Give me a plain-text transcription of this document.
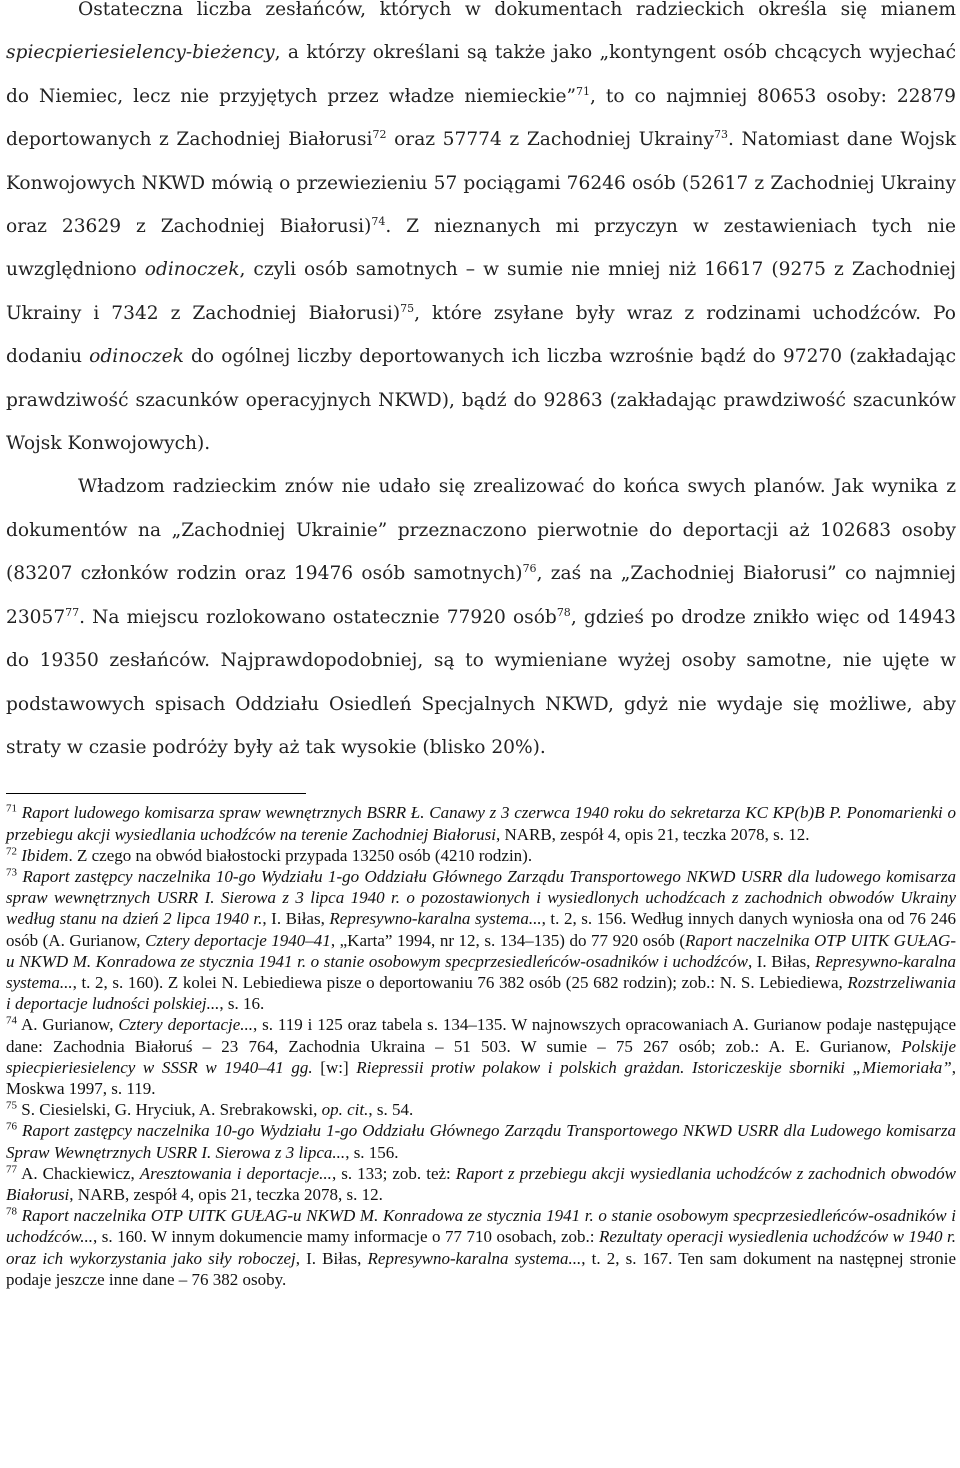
Ostateczna liczba zesłańców, których w dokumentach radzieckich określa się mianem spiecpieriesielency-bieżency, a którzy określani są także jako „kontyngent osób chcących wyjechać do Niemiec, lecz nie przyjętych przez władze niemieckie”$^{71}$, to co najmniej 80653 osoby: 22879 deportowanych z Zachodniej Białorusi$^{72}$ oraz 57774 z Zachodniej Ukrainy$^{73}$. Natomiast dane Wojsk Konwojowych NKWD mówią o przewiezieniu 57 pociągami 76246 osób (52617 z Zachodniej Ukrainy oraz 23629 z Zachodniej Białorusi)$^{74}$. Z nieznanych mi przyczyn w zestawieniach tych nie uwzględniono odinoczek, czyli osób samotnych – w sumie nie mniej niż 16617 (9275 z Zachodniej Ukrainy i 7342 z Zachodniej Białorusi)$^{75}$, które zsyłane były wraz z rodzinami uchodźców. Po dodaniu odinoczek do ogólnej liczby deportowanych ich liczba wzrośnie bądź do 97270 (zakładając prawdziwość szacunków operacyjnych NKWD), bądź do 92863 (zakładając prawdziwość szacunków Wojsk Konwojowych).

Władzom radzieckim znów nie udało się zrealizować do końca swych planów. Jak wynika z dokumentów na „Zachodniej Ukrainie” przeznaczono pierwotnie do deportacji aż 102683 osoby (83207 członków rodzin oraz 19476 osób samotnych)$^{76}$, zaś na „Zachodniej Białorusi” co najmniej 23057$^{77}$. Na miejscu rozlokowano ostatecznie 77920 osób$^{78}$, gdzieś po drodze znikło więc od 14943 do 19350 zesłańców. Najprawdopodobniej, są to wymieniane wyżej osoby samotne, nie ujęte w podstawowych spisach Oddziału Osiedleń Specjalnych NKWD, gdyż nie wydaje się możliwe, aby straty w czasie podróży były aż tak wysokie (blisko 20%).

$^{71}$ Raport ludowego komisarza spraw wewnętrznych BSRR Ł. Canawy z 3 czerwca 1940 roku do sekretarza KC KP(b)B P. Ponomarienki o przebiegu akcji wysiedlania uchodźców na terenie Zachodniej Białorusi, NARB, zespół 4, opis 21, teczka 2078, s. 12.
$^{72}$ Ibidem. Z czego na obwód białostocki przypada 13250 osób (4210 rodzin).
$^{73}$ Raport zastępcy naczelnika 10-go Wydziału 1-go Oddziału Głównego Zarządu Transportowego NKWD USRR dla ludowego komisarza spraw wewnętrznych USRR I. Sierowa z 3 lipca 1940 r. o pozostawionych i wysiedlonych uchodźcach z zachodnich obwodów Ukrainy według stanu na dzień 2 lipca 1940 r., I. Biłas, Represywno-karalna systema..., t. 2, s. 156. Według innych danych wyniosła ona od 76 246 osób (A. Gurianow, Cztery deportacje 1940–41, „Karta” 1994, nr 12, s. 134–135) do 77 920 osób (Raport naczelnika OTP UITK GUŁAG-u NKWD M. Konradowa ze stycznia 1941 r. o stanie osobowym specprzesiedleńców-osadników i uchodźców, I. Biłas, Represywno-karalna systema..., t. 2, s. 160). Z kolei N. Lebiediewa pisze o deportowaniu 76 382 osób (25 682 rodzin); zob.: N. S. Lebiediewa, Rozstrzeliwania i deportacje ludności polskiej..., s. 16.
$^{74}$ A. Gurianow, Cztery deportacje..., s. 119 i 125 oraz tabela s. 134–135. W najnowszych opracowaniach A. Gurianow podaje następujące dane: Zachodnia Białoruś – 23 764, Zachodnia Ukraina – 51 503. W sumie – 75 267 osób; zob.: A. E. Gurianow, Polskije spiecpieriesielency w SSSR w 1940–41 gg. [w:] Riepressii protiw polakow i polskich grażdan. Istoriczeskije sborniki „Miemoriała”, Moskwa 1997, s. 119.
$^{75}$ S. Ciesielski, G. Hryciuk, A. Srebrakowski, op. cit., s. 54.
$^{76}$ Raport zastępcy naczelnika 10-go Wydziału 1-go Oddziału Głównego Zarządu Transportowego NKWD USRR dla Ludowego komisarza Spraw Wewnętrznych USRR I. Sierowa z 3 lipca..., s. 156.
$^{77}$ A. Chackiewicz, Aresztowania i deportacje..., s. 133; zob. też: Raport z przebiegu akcji wysiedlania uchodźców z zachodnich obwodów Białorusi, NARB, zespół 4, opis 21, teczka 2078, s. 12.
$^{78}$ Raport naczelnika OTP UITK GUŁAG-u NKWD M. Konradowa ze stycznia 1941 r. o stanie osobowym specprzesiedleńców-osadników i uchodźców..., s. 160. W innym dokumencie mamy informacje o 77 710 osobach, zob.: Rezultaty operacji wysiedlenia uchodźców w 1940 r. oraz ich wykorzystania jako siły roboczej, I. Biłas, Represywno-karalna systema..., t. 2, s. 167. Ten sam dokument na następnej stronie podaje jeszcze inne dane – 76 382 osoby.
